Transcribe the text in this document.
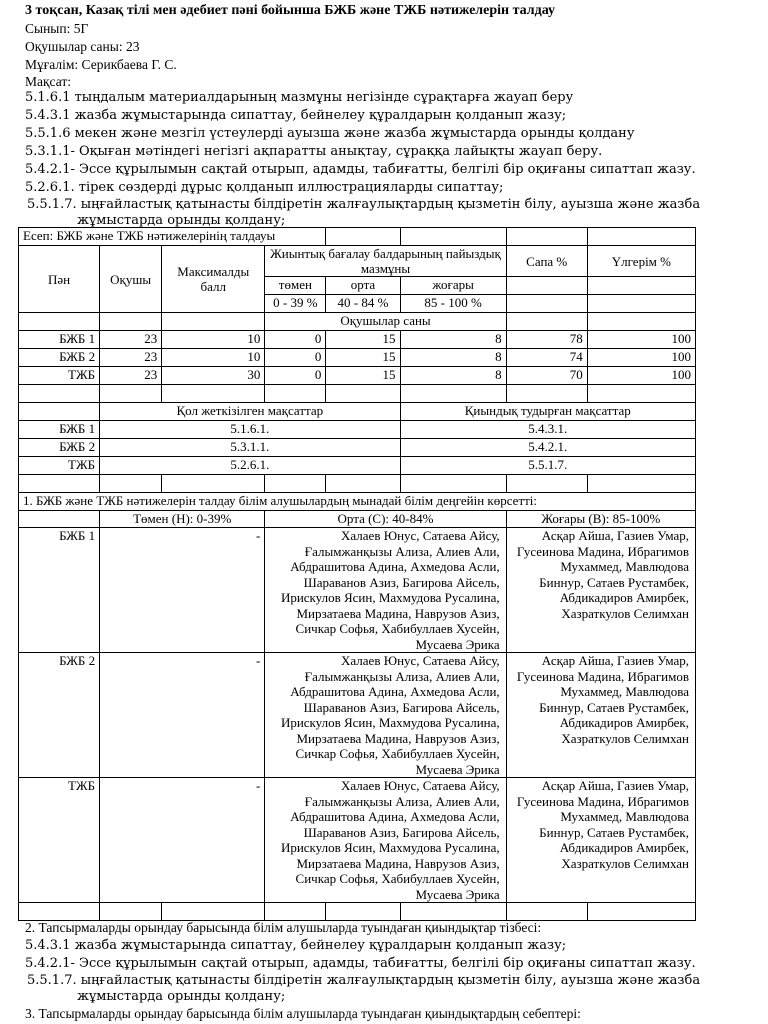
3 тоқсан, Казақ тілі мен әдебиет пәні бойынша БЖБ және ТЖБ нәтижелерін талдау
Сынып: 5Г
Оқушылар саны: 23
Мұғалім: Серикбаева Г. С.
Мақсат:
5.1.6.1 тыңдалым материалдарының мазмұны негізінде сұрақтарға жауап беру
5.4.3.1 жазба жұмыстарында сипаттау, бейнелеу құралдарын қолданып жазу;
5.5.1.6 мекен және мезгіл үстеулерді ауызша және жазба жұмыстарда орынды қолдану
5.3.1.1- Оқыған мәтіндегі негізгі ақпаратты анықтау, сұраққа лайықты жауап беру.
5.4.2.1- Эссе құрылымын сақтай отырып, адамды, табиғатты, белгілі бір оқиғаны сипаттап жазу.
5.2.6.1. тірек сөздерді дұрыс қолданып иллюстрацияларды сипаттау;
5.5.1.7. ыңғайластық қатынасты білдіретін жалғаулықтардың қызметін білу, ауызша және жазба жұмыстарда орынды қолдану;
Есеп: БЖБ және ТЖБ нәтижелерінің талдауы							
Пән	Оқушы	Максималды балл	Жиынтық бағалау балдарының пайыздық мазмұны			Сапа %	Үлгерім %
			төмен	орта	жоғары		
			0 - 39 %	40 - 84 %	85 - 100 %		
			Оқушылар саны				
БЖБ 1	23	10	0	15	8	78	100
БЖБ 2	23	10	0	15	8	74	100
ТЖБ	23	30	0	15	8	70	100

	Қол жеткізілген мақсаттар				Қиындық тудырған мақсаттар		
БЖБ 1	5.1.6.1.				5.4.3.1.		
БЖБ 2	5.3.1.1.				5.4.2.1.		
ТЖБ	5.2.6.1.				5.5.1.7.		

1. БЖБ және ТЖБ нәтижелерін талдау білім алушылардың мынадай білім деңгейін көрсетті:							
	Төмен (Н): 0-39%		Орта (С): 40-84%			Жоғары (В): 85-100%	
БЖБ 1	-		Халаев Юнус, Сатаева Айсу, Ғалымжанқызы Ализа, Алиев Али, Абдрашитова Адина, Ахмедова Асли, Шараванов Азиз, Багирова Айсель, Ирискулов Ясин, Махмудова Русалина, Мирзатаева Мадина, Наврузов Азиз, Сичкар Софья, Хабибуллаев Хусейн, Мусаева Эрика			Асқар Айша, Газиев Умар, Гусеинова Мадина, Ибрагимов Мухаммед, Мавлюдова Биннур, Сатаев Рустамбек, Абдикадиров Амирбек, Хазраткулов Селимхан	
БЖБ 2	-		Халаев Юнус, Сатаева Айсу, Ғалымжанқызы Ализа, Алиев Али, Абдрашитова Адина, Ахмедова Асли, Шараванов Азиз, Багирова Айсель, Ирискулов Ясин, Махмудова Русалина, Мирзатаева Мадина, Наврузов Азиз, Сичкар Софья, Хабибуллаев Хусейн, Мусаева Эрика			Асқар Айша, Газиев Умар, Гусеинова Мадина, Ибрагимов Мухаммед, Мавлюдова Биннур, Сатаев Рустамбек, Абдикадиров Амирбек, Хазраткулов Селимхан	
ТЖБ	-		Халаев Юнус, Сатаева Айсу, Ғалымжанқызы Ализа, Алиев Али, Абдрашитова Адина, Ахмедова Асли, Шараванов Азиз, Багирова Айсель, Ирискулов Ясин, Махмудова Русалина, Мирзатаева Мадина, Наврузов Азиз, Сичкар Софья, Хабибуллаев Хусейн, Мусаева Эрика			Асқар Айша, Газиев Умар, Гусеинова Мадина, Ибрагимов Мухаммед, Мавлюдова Биннур, Сатаев Рустамбек, Абдикадиров Амирбек, Хазраткулов Селимхан	

2. Тапсырмаларды орындау барысында білім алушыларда туындаған қиындықтар тізбесі:
5.4.3.1 жазба жұмыстарында сипаттау, бейнелеу құралдарын қолданып жазу;
5.4.2.1- Эссе құрылымын сақтай отырып, адамды, табиғатты, белгілі бір оқиғаны сипаттап жазу.
5.5.1.7. ыңғайластық қатынасты білдіретін жалғаулықтардың қызметін білу, ауызша және жазба жұмыстарда орынды қолдану;
3. Тапсырмаларды орындау барысында білім алушыларда туындаған қиындықтардың себептері:
